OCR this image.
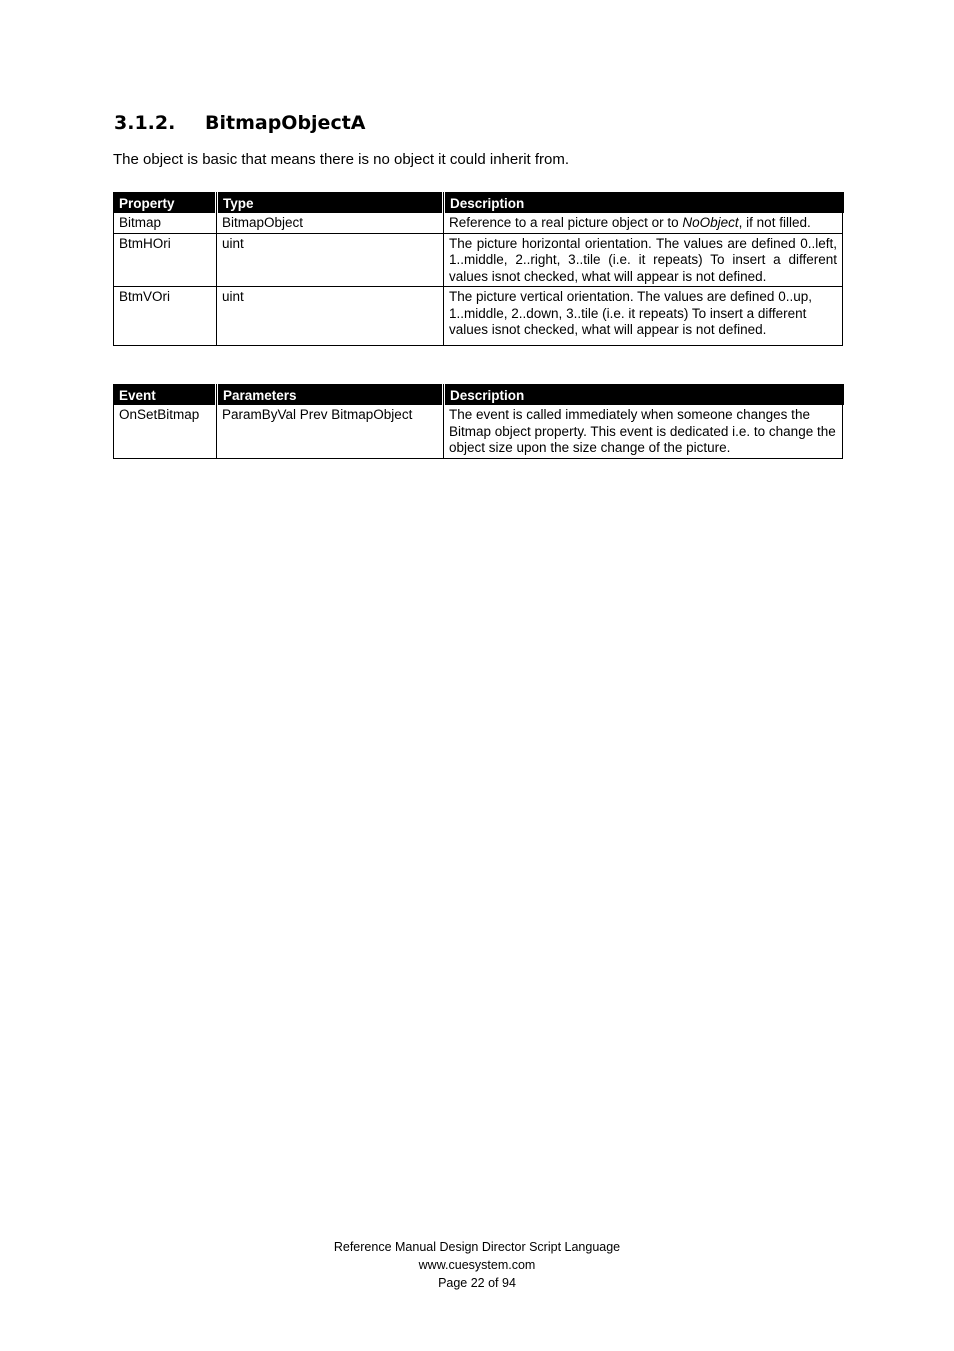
3.1.2. BitmapObjectA

The object is basic that means there is no object it could inherit from.

Property	Type	Description
Bitmap	BitmapObject	Reference to a real picture object or to NoObject, if not filled.
BtmHOri	uint	The picture horizontal orientation. The values are defined 0..left, 1..middle, 2..right, 3..tile (i.e. it repeats) To insert a different values isnot checked, what will appear is not defined.
BtmVOri	uint	The picture vertical orientation. The values are defined 0..up, 1..middle, 2..down, 3..tile (i.e. it repeats) To insert a different values isnot checked, what will appear is not defined.
Event	Parameters	Description
OnSetBitmap	ParamByVal Prev BitmapObject	The event is called immediately when someone changes the Bitmap object property. This event is dedicated i.e. to change the object size upon the size change of the picture.
Reference Manual Design Director Script Language
www.cuesystem.com
Page 22 of 94
